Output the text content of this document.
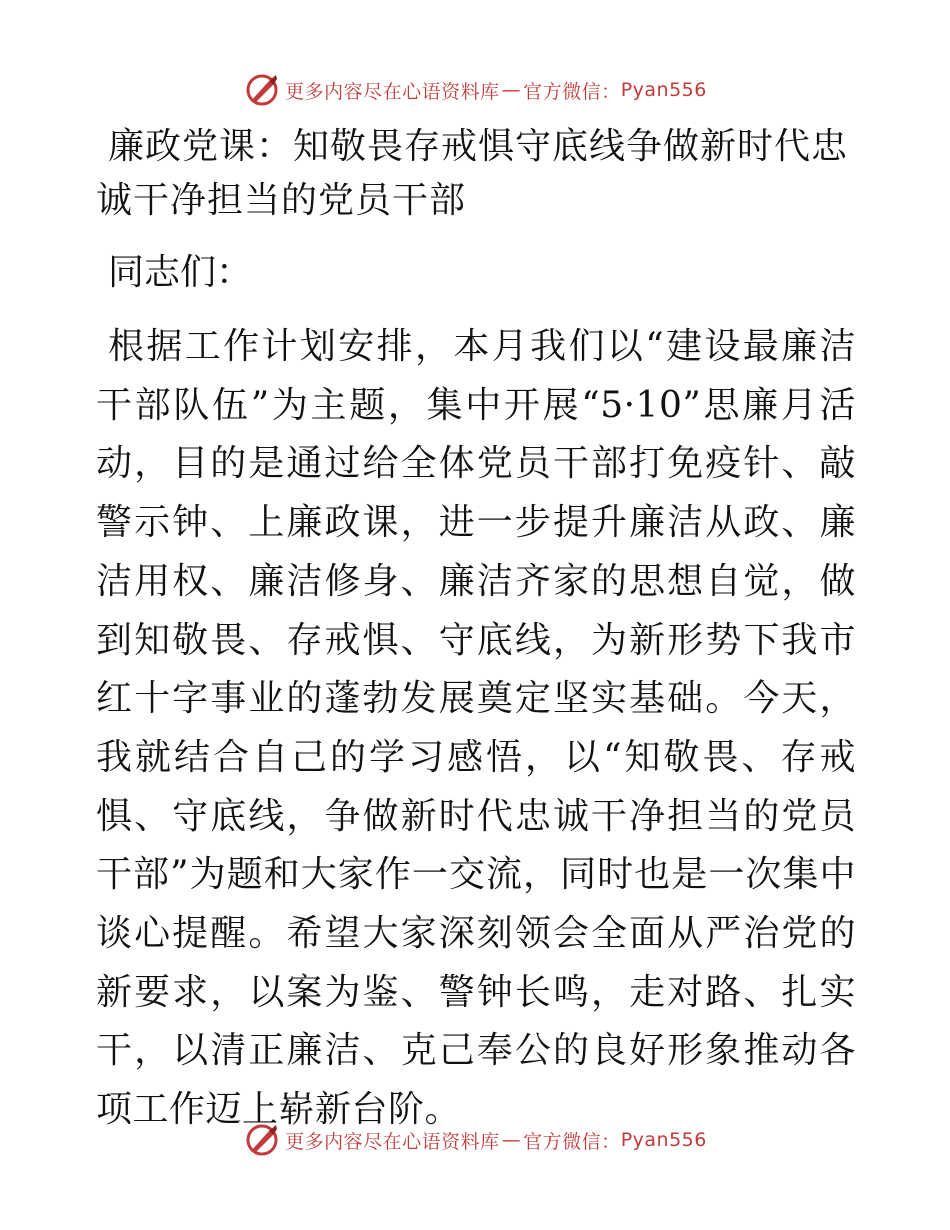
更多内容尽在心语资料库 — 官方微信： Pyan556
廉政党课：知敬畏存戒惧守底线争做新时代忠诚干净担当的党员干部

同志们：

根据工作计划安排，本月我们以“建设最廉洁干部队伍”为主题，集中开展“5·10”思廉月活动，目的是通过给全体党员干部打免疫针、敲警示钟、上廉政课，进一步提升廉洁从政、廉洁用权、廉洁修身、廉洁齐家的思想自觉，做到知敬畏、存戒惧、守底线，为新形势下我市红十字事业的蓬勃发展奠定坚实基础。今天，我就结合自己的学习感悟，以“知敬畏、存戒惧、守底线，争做新时代忠诚干净担当的党员干部”为题和大家作一交流，同时也是一次集中谈心提醒。希望大家深刻领会全面从严治党的新要求，以案为鉴、警钟长鸣，走对路、扎实干，以清正廉洁、克己奉公的良好形象推动各项工作迈上崭新台阶。

更多内容尽在心语资料库 — 官方微信： Pyan556
